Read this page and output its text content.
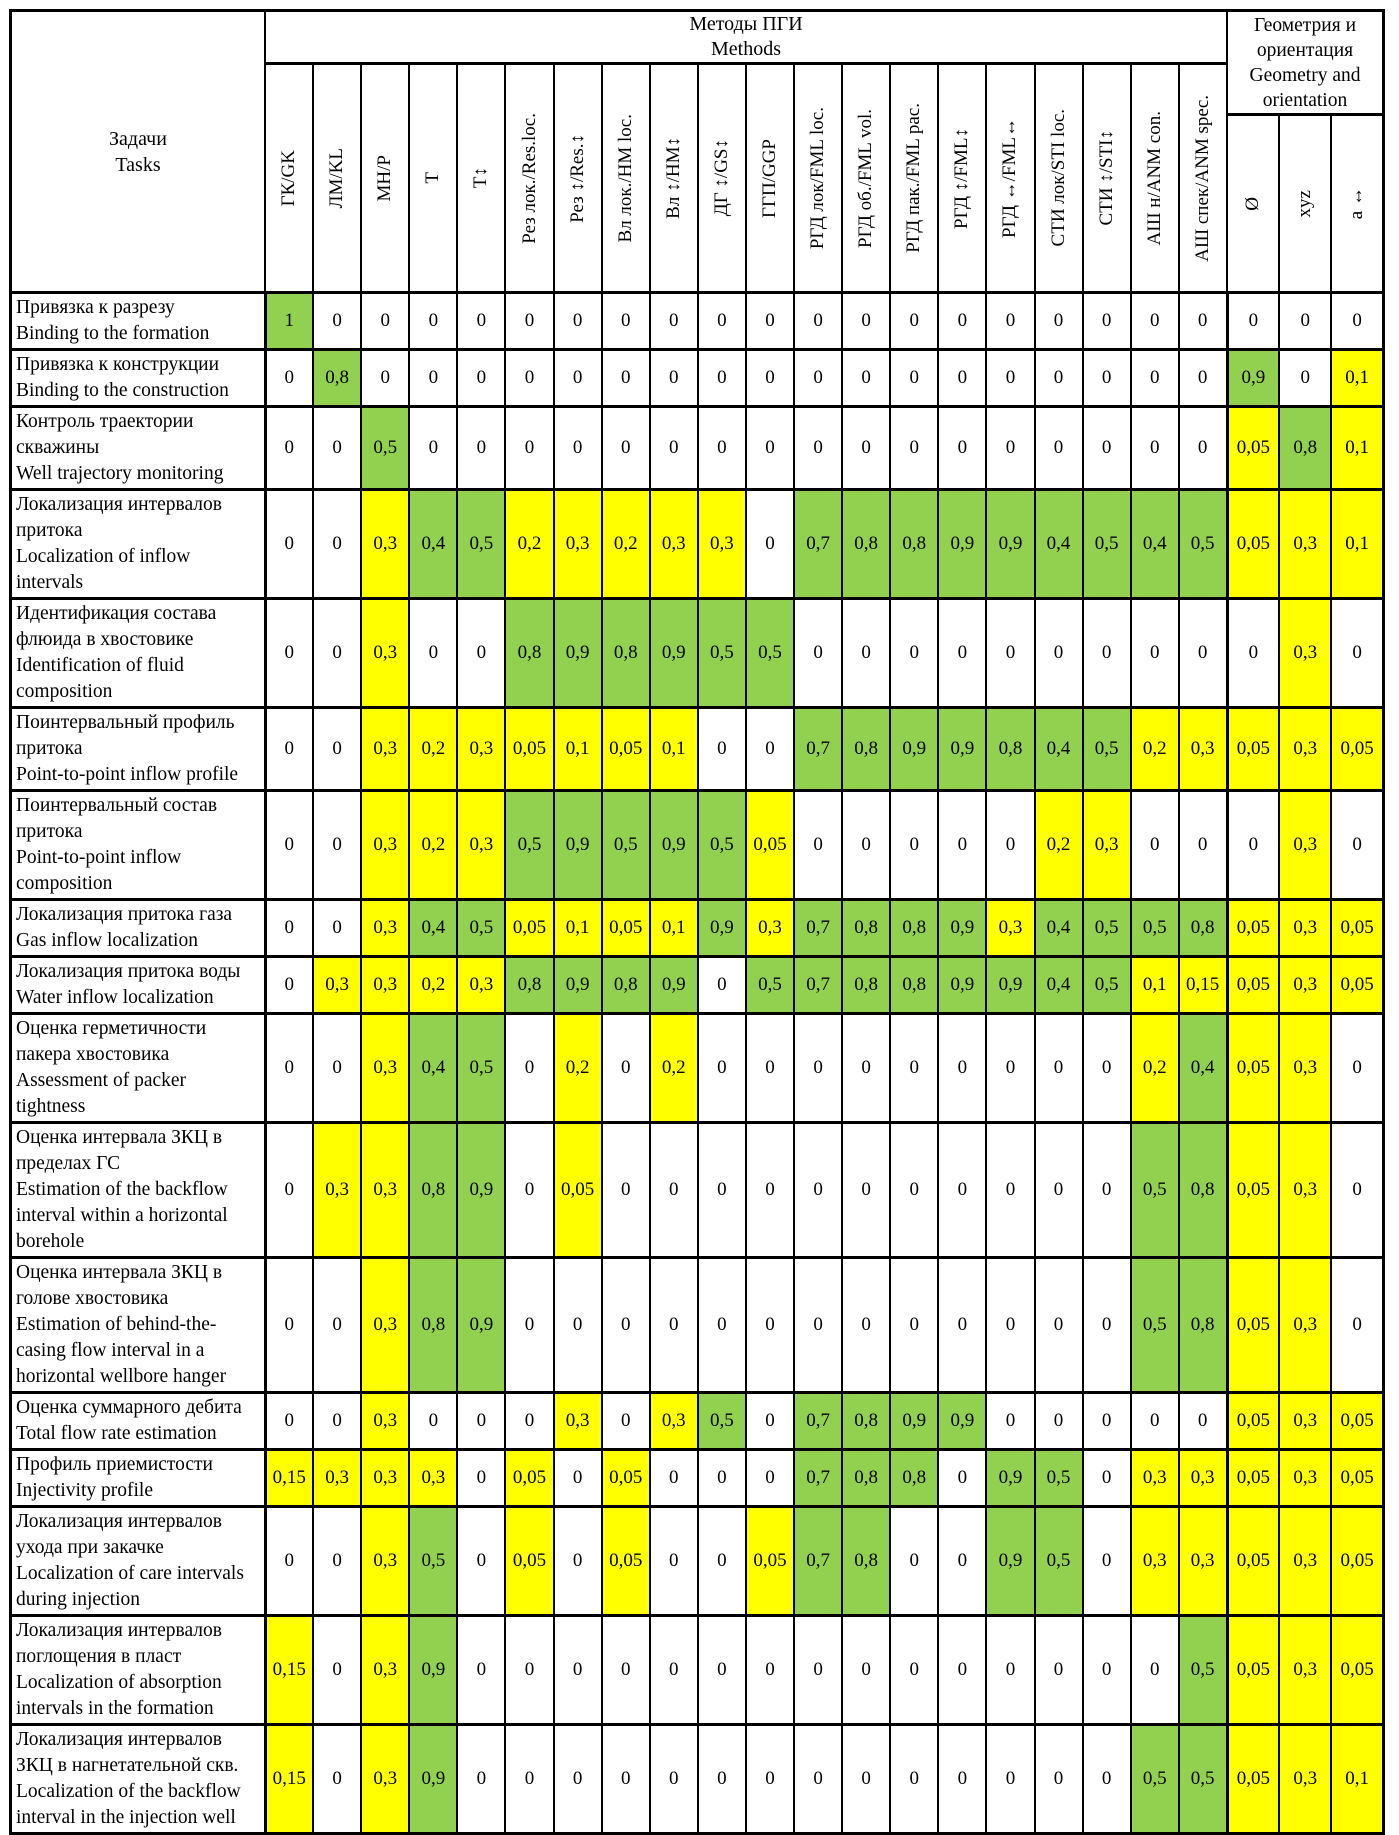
Задачи
Tasks	Методы ПГИ
Methods																				Геометрия и ориентация
Geometry and orientation		

	ГК/GK	ЛМ/KL	МН/Р	Т	Т↕	Рез лок./Res.loc.	Рез ↕/Res.↕	Вл лок./НМ loc.	Вл ↕/НМ↕	ДГ ↕/GS↕	ГГП/GGP	РГД лок/FML loc.	РГД об./FML vol.	РГД пак./FML рас.	РГД ↕/FML↕	РГД ↔/FML↔	СТИ лок/STI loc.	СТИ ↕/STI↕	АШ н/ANM con.	АШ спек/ANM spec.			

																					Ø	xyz	a ↔

Привязка к разрезу
Binding to the formation	1	0	0	0	0	0	0	0	0	0	0	0	0	0	0	0	0	0	0	0	0	0	0

Привязка к конструкции
Binding to the construction	0	0,8	0	0	0	0	0	0	0	0	0	0	0	0	0	0	0	0	0	0	0,9	0	0,1

Контроль траектории скважины
Well trajectory monitoring	0	0	0,5	0	0	0	0	0	0	0	0	0	0	0	0	0	0	0	0	0	0,05	0,8	0,1

Локализация интервалов притока
Localization of inflow intervals	0	0	0,3	0,4	0,5	0,2	0,3	0,2	0,3	0,3	0	0,7	0,8	0,8	0,9	0,9	0,4	0,5	0,4	0,5	0,05	0,3	0,1

Идентификация состава флюида в хвостовике
Identification of fluid composition	0	0	0,3	0	0	0,8	0,9	0,8	0,9	0,5	0,5	0	0	0	0	0	0	0	0	0	0	0,3	0

Поинтервальный профиль притока
Point-to-point inflow profile	0	0	0,3	0,2	0,3	0,05	0,1	0,05	0,1	0	0	0,7	0,8	0,9	0,9	0,8	0,4	0,5	0,2	0,3	0,05	0,3	0,05

Поинтервальный состав притока
Point-to-point inflow composition	0	0	0,3	0,2	0,3	0,5	0,9	0,5	0,9	0,5	0,05	0	0	0	0	0	0,2	0,3	0	0	0	0,3	0

Локализация притока газа
Gas inflow localization	0	0	0,3	0,4	0,5	0,05	0,1	0,05	0,1	0,9	0,3	0,7	0,8	0,8	0,9	0,3	0,4	0,5	0,5	0,8	0,05	0,3	0,05

Локализация притока воды
Water inflow localization	0	0,3	0,3	0,2	0,3	0,8	0,9	0,8	0,9	0	0,5	0,7	0,8	0,8	0,9	0,9	0,4	0,5	0,1	0,15	0,05	0,3	0,05

Оценка герметичности пакера хвостовика
Assessment of packer tightness	0	0	0,3	0,4	0,5	0	0,2	0	0,2	0	0	0	0	0	0	0	0	0	0,2	0,4	0,05	0,3	0

Оценка интервала ЗКЦ в пределах ГС
Estimation of the backflow interval within a horizontal borehole	0	0,3	0,3	0,8	0,9	0	0,05	0	0	0	0	0	0	0	0	0	0	0	0,5	0,8	0,05	0,3	0

Оценка интервала ЗКЦ в голове хвостовика
Estimation of behind-the-casing flow interval in a horizontal wellbore hanger	0	0	0,3	0,8	0,9	0	0	0	0	0	0	0	0	0	0	0	0	0	0,5	0,8	0,05	0,3	0

Оценка суммарного дебита
Total flow rate estimation	0	0	0,3	0	0	0	0,3	0	0,3	0,5	0	0,7	0,8	0,9	0,9	0	0	0	0	0	0,05	0,3	0,05

Профиль приемистости
Injectivity profile	0,15	0,3	0,3	0,3	0	0,05	0	0,05	0	0	0	0,7	0,8	0,8	0	0,9	0,5	0	0,3	0,3	0,05	0,3	0,05

Локализация интервалов ухода при закачке
Localization of care intervals during injection	0	0	0,3	0,5	0	0,05	0	0,05	0	0	0,05	0,7	0,8	0	0	0,9	0,5	0	0,3	0,3	0,05	0,3	0,05

Локализация интервалов поглощения в пласт
Localization of absorption intervals in the formation	0,15	0	0,3	0,9	0	0	0	0	0	0	0	0	0	0	0	0	0	0	0	0,5	0,05	0,3	0,05

Локализация интервалов ЗКЦ в нагнетательной скв.
Localization of the backflow interval in the injection well	0,15	0	0,3	0,9	0	0	0	0	0	0	0	0	0	0	0	0	0	0	0,5	0,5	0,05	0,3	0,1
